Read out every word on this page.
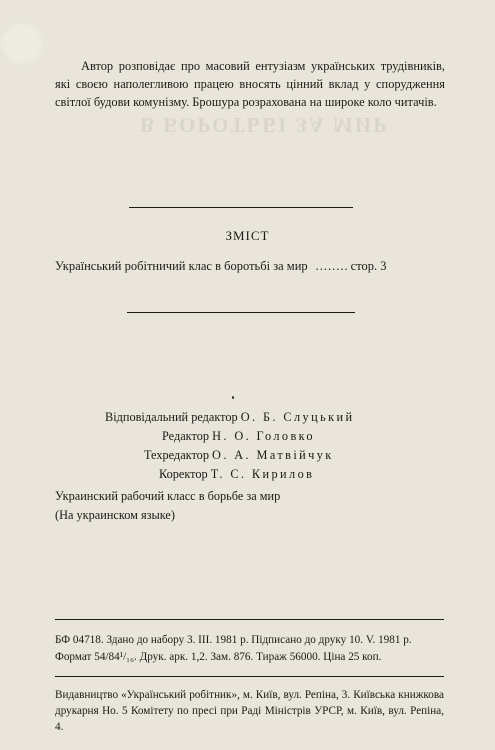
В БОРОТЬБІ ЗА МИР

Автор розповідає про масовий ентузіазм українських трудівників, які своєю наполегливою працею вносять цінний вклад у спорудження світлої будови комунізму. Брошура розрахована на широке коло читачів.

ЗМІСТ
Український робітничий клас в боротьбі за мир ........ стор. 3
Відповідальний редактор О. Б. Слуцький
Редактор Н. О. Головко
Техредактор О. А. Матвійчук
Коректор Т. С. Кирилов
Украинский рабочий класс в борьбе за мир
(На украинском языке)
БФ 04718. Здано до набору 3. ІІІ. 1981 р. Підписано до друку 10. V. 1981 р.
Формат 54/84¹/₁₆. Друк. арк. 1,2. Зам. 876. Тираж 56000. Ціна 25 коп.

Видавництво «Український робітник», м. Київ, вул. Репіна, 3. Київська книжкова друкарня Но. 5 Комітету по пресі при Раді Міністрів УРСР, м. Київ, вул. Репіна, 4.
